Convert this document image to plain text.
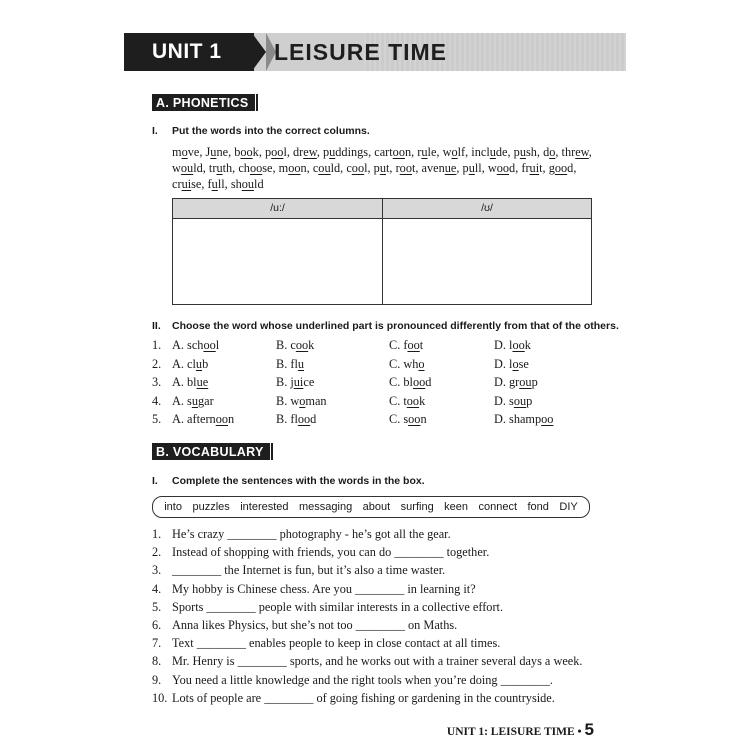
UNIT 1 LEISURE TIME
A. PHONETICS
I. Put the words into the correct columns.
move, June, book, pool, drew, puddings, cartoon, rule, wolf, include, push, do, threw, would, truth, choose, moon, could, cool, put, root, avenue, pull, wood, fruit, good, cruise, full, should
/u:/	/ʊ/
II. Choose the word whose underlined part is pronounced differently from that of the others.
1. A. school	B. cook	C. foot	D. look
2. A. club	B. flu	C. who	D. lose
3. A. blue	B. juice	C. blood	D. group
4. A. sugar	B. woman	C. took	D. soup
5. A. afternoon	B. flood	C. soon	D. shampoo
B. VOCABULARY
I. Complete the sentences with the words in the box.
into puzzles interested messaging about surfing keen connect fond DIY
1. He’s crazy ________ photography - he’s got all the gear.
2. Instead of shopping with friends, you can do ________ together.
3. ________ the Internet is fun, but it’s also a time waster.
4. My hobby is Chinese chess. Are you ________ in learning it?
5. Sports ________ people with similar interests in a collective effort.
6. Anna likes Physics, but she’s not too ________ on Maths.
7. Text ________ enables people to keep in close contact at all times.
8. Mr. Henry is ________ sports, and he works out with a trainer several days a week.
9. You need a little knowledge and the right tools when you’re doing ________.
10. Lots of people are ________ of going fishing or gardening in the countryside.
UNIT 1: LEISURE TIME • 5
